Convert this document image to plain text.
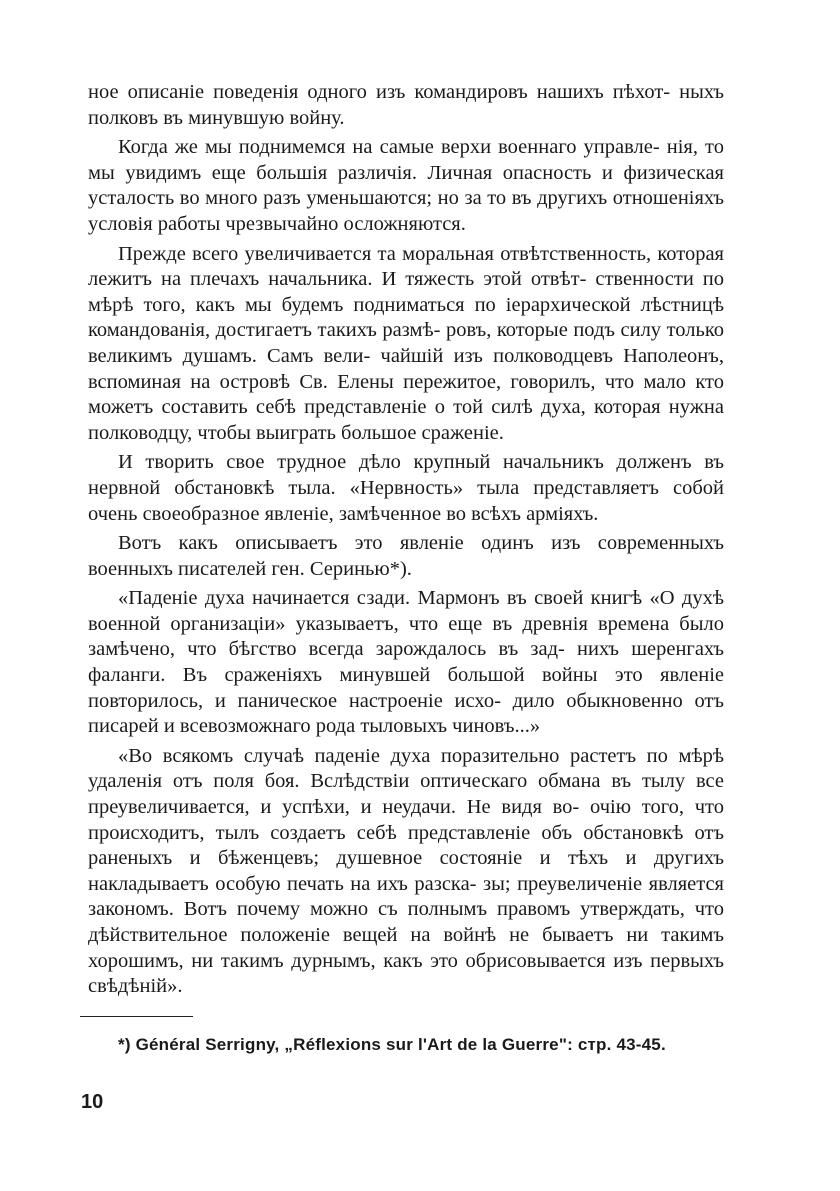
ное описаніе поведенія одного изъ командировъ нашихъ пѣхот- ныхъ полковъ въ минувшую войну.

Когда же мы поднимемся на самые верхи военнаго управле- нія, то мы увидимъ еще большія различія. Личная опасность и физическая усталость во много разъ уменьшаются; но за то въ другихъ отношеніяхъ условія работы чрезвычайно осложняются.

Прежде всего увеличивается та моральная отвѣтственность, которая лежитъ на плечахъ начальника. И тяжесть этой отвѣт- ственности по мѣрѣ того, какъ мы будемъ подниматься по іерархической лѣстницѣ командованія, достигаетъ такихъ размѣ- ровъ, которые подъ силу только великимъ душамъ. Самъ вели- чайшій изъ полководцевъ Наполеонъ, вспоминая на островѣ Св. Елены пережитое, говорилъ, что мало кто можетъ составить себѣ представленіе о той силѣ духа, которая нужна полководцу, чтобы выиграть большое сраженіе.

И творить свое трудное дѣло крупный начальникъ долженъ въ нервной обстановкѣ тыла. «Нервность» тыла представляетъ собой очень своеобразное явленіе, замѣченное во всѣхъ арміяхъ.

Вотъ какъ описываетъ это явленіе одинъ изъ современныхъ военныхъ писателей ген. Серинью*).

«Паденіе духа начинается сзади. Мармонъ въ своей книгѣ «О духѣ военной организаціи» указываетъ, что еще въ древнія времена было замѣчено, что бѣгство всегда зарождалось въ зад- нихъ шеренгахъ фаланги. Въ сраженіяхъ минувшей большой войны это явленіе повторилось, и паническое настроеніе исхо- дило обыкновенно отъ писарей и всевозможнаго рода тыловыхъ чиновъ...»

«Во всякомъ случаѣ паденіе духа поразительно растетъ по мѣрѣ удаленія отъ поля боя. Вслѣдствіи оптическаго обмана въ тылу все преувеличивается, и успѣхи, и неудачи. Не видя во- очію того, что происходитъ, тылъ создаетъ себѣ представленіе объ обстановкѣ отъ раненыхъ и бѣженцевъ; душевное состояніе и тѣхъ и другихъ накладываетъ особую печать на ихъ разска- зы; преувеличеніе является закономъ. Вотъ почему можно съ полнымъ правомъ утверждать, что дѣйствительное положеніе вещей на войнѣ не бываетъ ни такимъ хорошимъ, ни такимъ дурнымъ, какъ это обрисовывается изъ первыхъ свѣдѣній».

*) Général Serrigny, „Réflexions sur l'Art de la Guerre": стр. 43-45.
10
